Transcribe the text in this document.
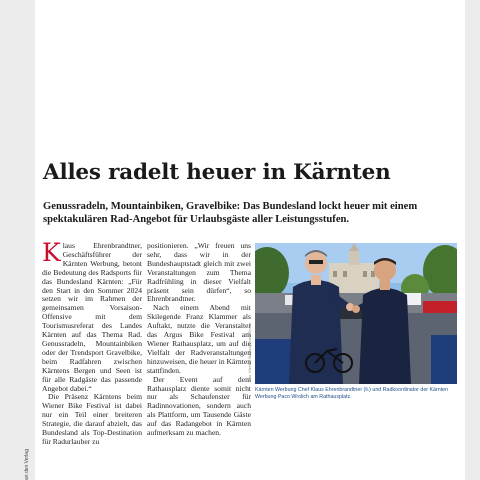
Alles radelt heuer in Kärnten

Genussradeln, Mountainbiken, Gravelbike: Das Bundesland lockt heuer mit einem spektakulären Rad-Angebot für Urlaubsgäste aller Leistungsstufen.

Klaus Ehrenbrandtner, Geschäftsführer der Kärnten Werbung, betont die Bedeutung des Radsports für das Bundesland Kärnten: „Für den Start in den Sommer 2024 setzen wir im Rahmen der gemeinsamen Vorsaison-Offensive mit dem Tourismusreferat des Landes Kärnten auf das Thema Rad. Genussradeln, Mountainbiken oder der Trendsport Gravelbike, beim Radfahren zwischen Kärntens Bergen und Seen ist für alle Radgäste das passende Angebot dabei.“

Die Präsenz Kärntens beim Wiener Bike Festival ist dabei nur ein Teil einer breiteren Strategie, die darauf abzielt, das Bundesland als Top-Destination für Radurlauber zu

positionieren. „Wir freuen uns sehr, dass wir in der Bundeshauptstadt gleich mit zwei Veranstaltungen zum Thema Radfrühling in dieser Vielfalt präsent sein dürfen“, so Ehrenbrandtner.

Nach einem Abend mit Skilegende Franz Klammer als Auftakt, nutzte die Veranstalter das Argus Bike Festival am Wiener Rathausplatz, um auf die Vielfalt der Radveranstaltungen hinzuweisen, die heuer in Kärnten stattfinden.

Der Event auf dem Rathausplatz diente somit nicht nur als Schaufenster für Radinnovationen, sondern auch als Plattform, um Tausende Gäste auf das Radangebot in Kärnten aufmerksam zu machen.

Foto: Kärnten Werbung/Franz Gruber

Kärnten Werbung Chef Klaus Ehrenbrandtner (li.) und Radkoordinator der Kärnten Werbung Paco Wrolich am Rathausplatz.

an den Verlag
